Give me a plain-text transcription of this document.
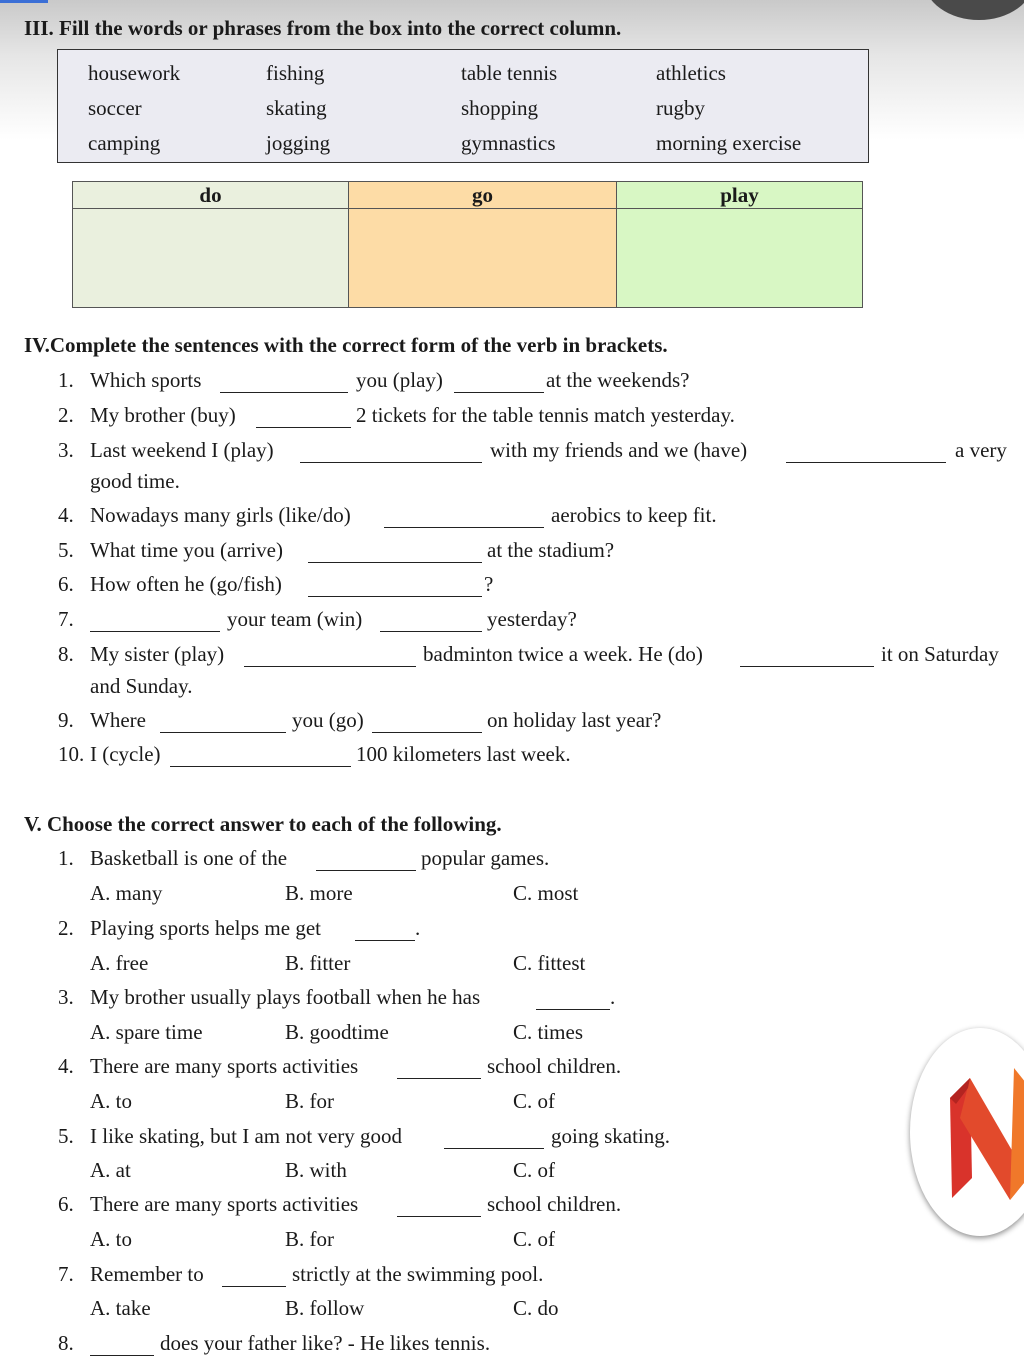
III. Fill the words or phrases from the box into the correct column.
housework	fishing	table tennis	athletics
soccer	skating	shopping	rugby
camping	jogging	gymnastics	morning exercise
do	go	play

IV.Complete the sentences with the correct form of the verb in brackets.
1. Which sports	you (play)	at the weekends?
2. My brother (buy)	2 tickets for the table tennis match yesterday.
3. Last weekend I (play)	with my friends and we (have)	a very
good time.
4. Nowadays many girls (like/do)	aerobics to keep fit.
5. What time you (arrive)	at the stadium?
6. How often he (go/fish)	?
7.	your team (win)	yesterday?
8. My sister (play)	badminton twice a week. He (do)	it on Saturday
and Sunday.
9. Where	you (go)	on holiday last year?
10. I (cycle)	100 kilometers last week.
V. Choose the correct answer to each of the following.
1. Basketball is one of the	popular games.
A. many	B. more	C. most
2. Playing sports helps me get	.
A. free	B. fitter	C. fittest
3. My brother usually plays football when he has	.
A. spare time	B. goodtime	C. times
4. There are many sports activities	school children.
A. to	B. for	C. of
5. I like skating, but I am not very good	going skating.
A. at	B. with	C. of
6. There are many sports activities	school children.
A. to	B. for	C. of
7. Remember to	strictly at the swimming pool.
A. take	B. follow	C. do
8.	does your father like? - He likes tennis.
